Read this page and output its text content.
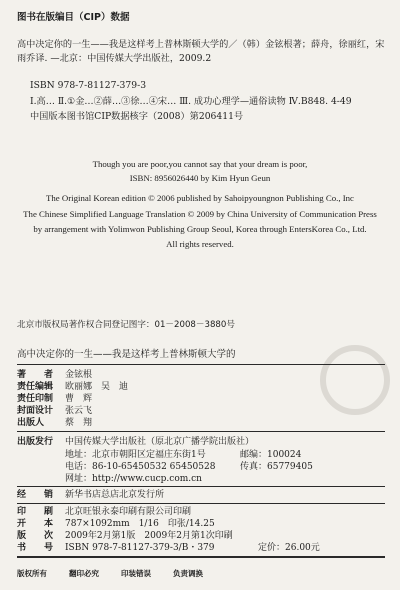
图书在版编目（CIP）数据
高中决定你的一生——我是这样考上普林斯顿大学的／（韩）金铉根著；薛舟，徐丽红，宋雨乔译. —北京：中国传媒大学出版社，2009.2
ISBN 978-7-81127-379-3
Ⅰ.高… Ⅱ.①金…②薛…③徐…④宋… Ⅲ. 成功心理学—通俗读物 Ⅳ.B848. 4-49
中国版本图书馆CIP数据核字（2008）第206411号
Though you are poor,you cannot say that your dream is poor,
ISBN: 8956026440 by Kim Hyun Geun
The Original Korean edition © 2006 published by Sahoipyoungnon Publishing Co., Inc
The Chinese Simplified Language Translation © 2009 by China University of Communication Press
by arrangement with Yolimwon Publishing Group Seoul, Korea through EntersKorea Co., Ltd.
All rights reserved.
北京市版权局著作权合同登记图字：01－2008－3880号
高中决定你的一生——我是这样考上普林斯顿大学的
著　　者 金铉根
责任编辑 欧丽娜　吴　迪
责任印制 曹　辉
封面设计 张云飞
出版人 蔡　翔
出版发行 中国传媒大学出版社（原北京广播学院出版社）
地址：北京市朝阳区定福庄东街1号	邮编：100024
电话：86-10-65450532 65450528	传真：65779405
网址：http://www.cucp.com.cn
经　　销 新华书店总店北京发行所
印　　刷 北京旺银永泰印刷有限公司印刷
开　　本 787×1092mm　1/16　印张/14.25
版　　次 2009年2月第1版　2009年2月第1次印刷
书　　号 ISBN 978-7-81127-379-3/B・379	定价：26.00元
版权所有	翻印必究	印装错误	负责调换
